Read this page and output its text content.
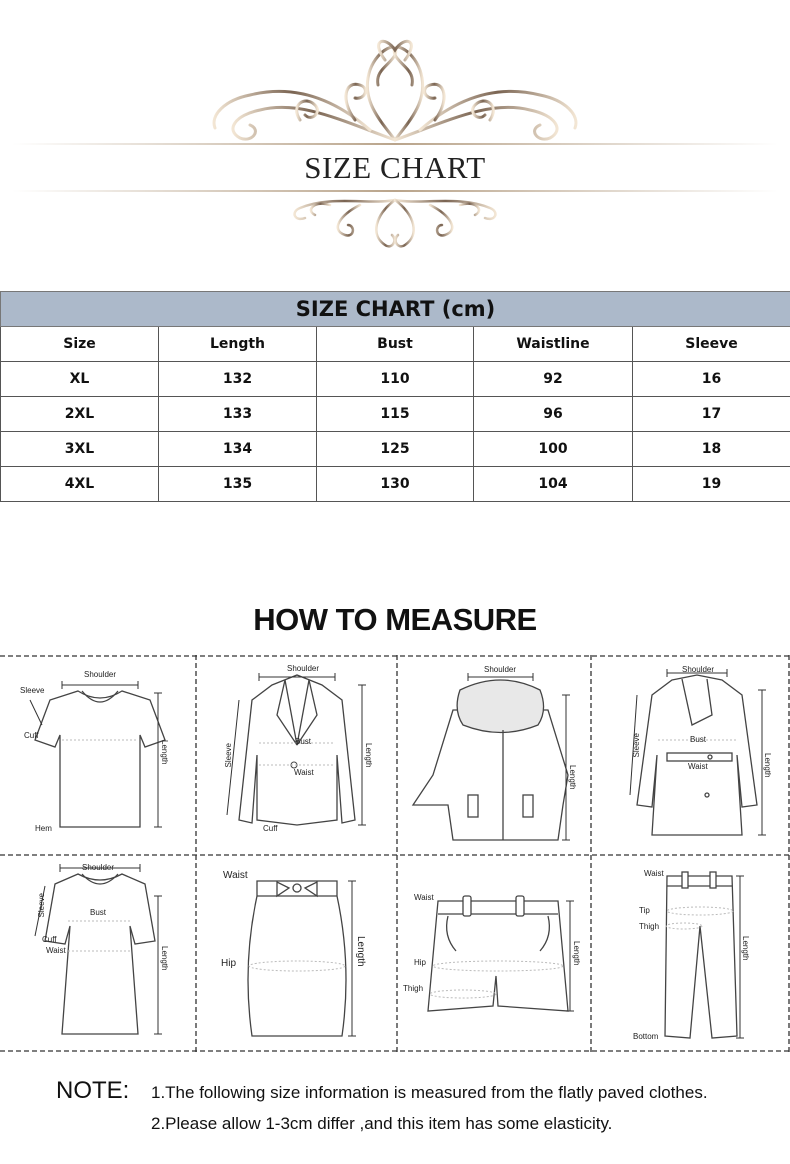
SIZE CHART
SIZE CHART (cm)				
Size	Length	Bust	Waistline	Sleeve
XL	132	110	92	16
2XL	133	115	96	17
3XL	134	125	100	18
4XL	135	130	104	19
HOW TO MEASURE
Shoulder
Sleeve
Cuff
Hem
Length
Shoulder
Bust
Waist
Cuff
Sleeve	Length
Shoulder
Length
Shoulder
Bust
Waist
Sleeve
Length
Shoulder
Bust
Cuff
Waist
Sleeve
Length
Waist
Hip	Length
Waist
Hip
Thigh
Length
Waist
Tip
Thigh
Bottom
Length
NOTE: 1.The following size information is measured from the flatly paved clothes.
2.Please allow 1-3cm differ ,and this item has some elasticity.
